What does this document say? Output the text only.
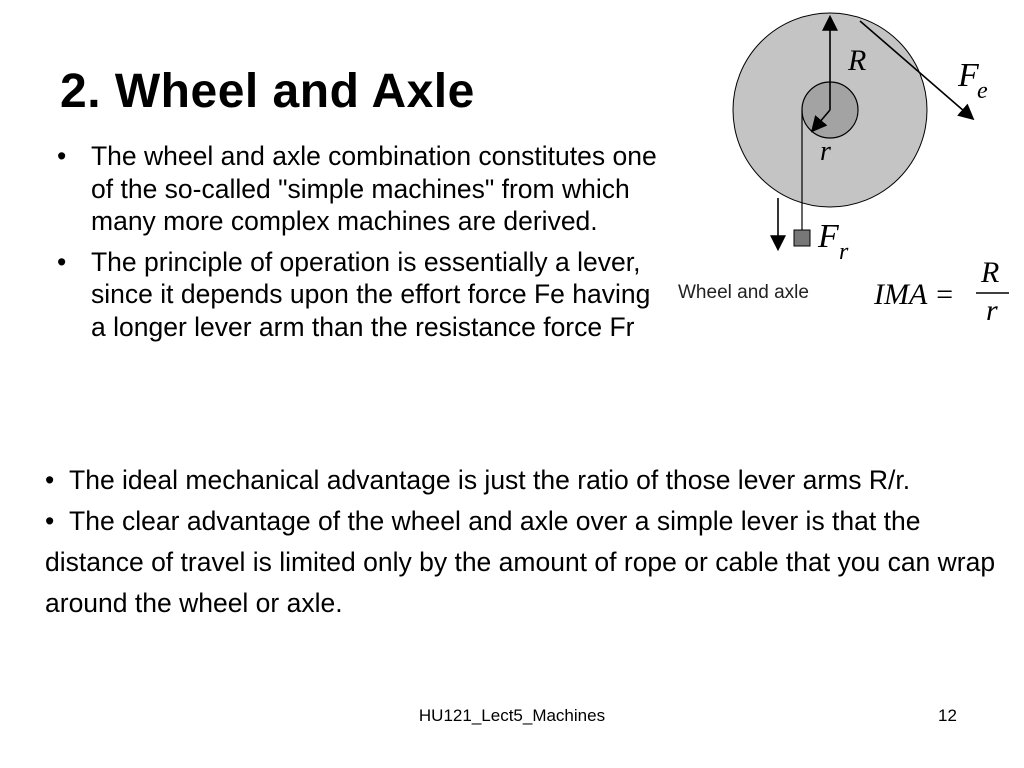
2. Wheel and Axle
• The wheel and axle combination constitutes one of the so-called "simple machines" from which many more complex machines are derived.
• The principle of operation is essentially a lever, since it depends upon the effort force Fe having a longer lever arm than the resistance force Fr

•  The ideal mechanical advantage is just the ratio of those lever arms R/r.

•  The clear advantage of the wheel and axle over a simple lever is that the distance of travel is limited only by the amount of rope or cable that you can wrap around the wheel or axle.

R
r
F
e
F r
Wheel and axle IMA =
R
r
HU121_Lect5_Machines	12
